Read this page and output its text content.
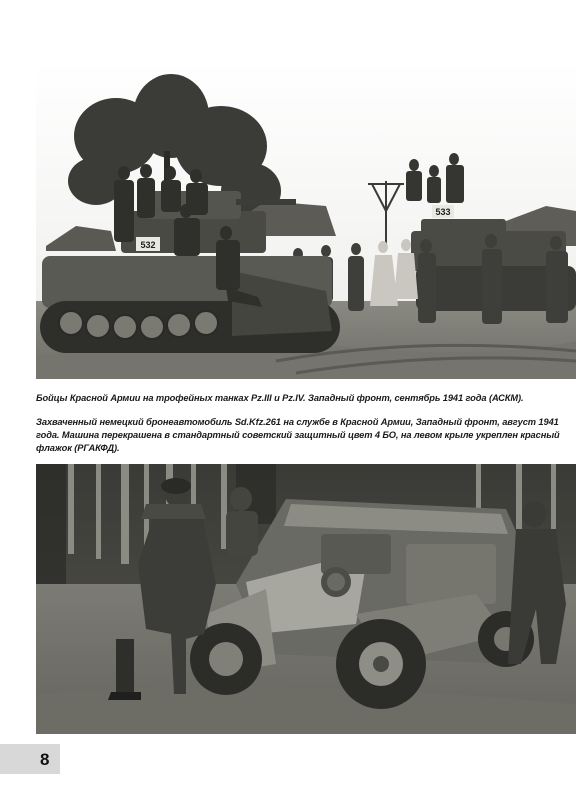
533
532
Бойцы Красной Армии на трофейных танках Pz.III и Pz.IV. Западный фронт, сентябрь 1941 года (АСКМ).
Захваченный немецкий бронеавтомобиль Sd.Kfz.261 на службе в Красной Армии, Западный фронт, август 1941 года. Машина перекрашена в стандартный советский защитный цвет 4 БО, на левом крыле укреплен красный флажок (РГАКФД).
8
